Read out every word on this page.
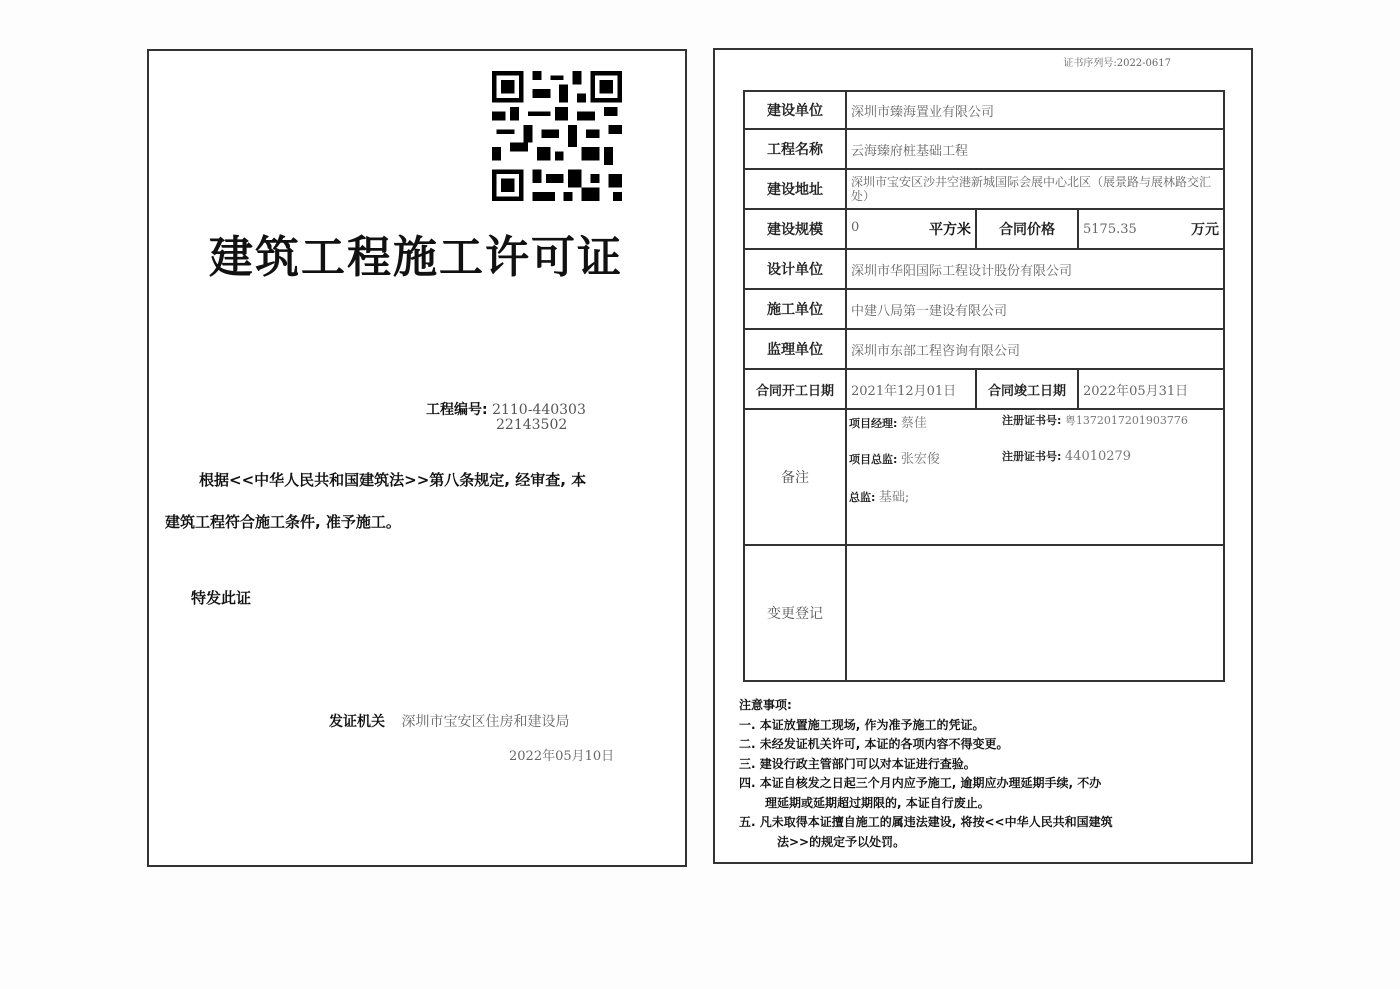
建筑工程施工许可证
工程编号: 2110-440303
22143502
根据<<中华人民共和国建筑法>>第八条规定, 经审查, 本
建筑工程符合施工条件, 准予施工。
特发此证
发证机关 深圳市宝安区住房和建设局
2022年05月10日
证书序列号:2022-0617
建设单位	深圳市臻海置业有限公司			
工程名称	云海臻府桩基础工程			
建设地址	深圳市宝安区沙井空港新城国际会展中心北区（展景路与展林路交汇处）			
建设规模	0 平方米	合同价格	5175.35	万元
设计单位	深圳市华阳国际工程设计股份有限公司			
施工单位	中建八局第一建设有限公司			
监理单位	深圳市东部工程咨询有限公司			
合同开工日期	2021年12月01日	合同竣工日期	2022年05月31日	
备注	项目经理: 蔡佳 注册证书号: 粤1372017201903776
项目总监: 张宏俊 注册证书号: 44010279
总监: 基础;			

变更登记				
注意事项:
一. 本证放置施工现场, 作为准予施工的凭证。
二. 未经发证机关许可, 本证的各项内容不得变更。
三. 建设行政主管部门可以对本证进行查验。
四. 本证自核发之日起三个月内应予施工, 逾期应办理延期手续, 不办
理延期或延期超过期限的, 本证自行废止。
五. 凡未取得本证擅自施工的属违法建设, 将按<<中华人民共和国建筑
法>>的规定予以处罚。
